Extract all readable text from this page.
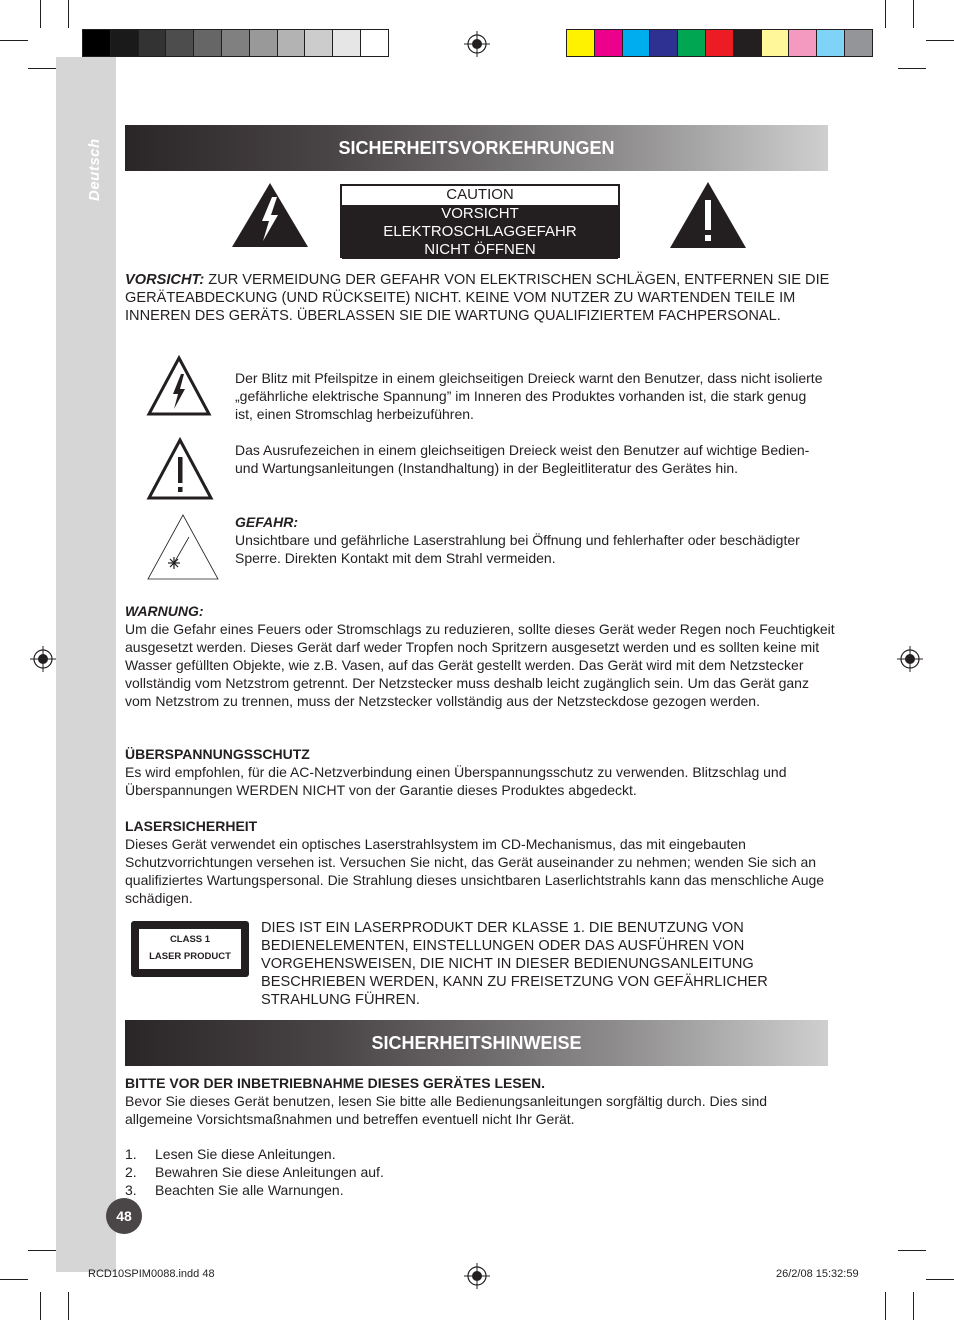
Deutsch	SICHERHEITSVORKEHRUNGEN
CAUTION
VORSICHT
ELEKTROSCHLAGGEFAHR
NICHT ÖFFNEN
VORSICHT: ZUR VERMEIDUNG DER GEFAHR VON ELEKTRISCHEN SCHLÄGEN, ENTFERNEN SIE DIE GERÄTEABDECKUNG (UND RÜCKSEITE) NICHT. KEINE VOM NUTZER ZU WARTENDEN TEILE IM INNEREN DES GERÄTS. ÜBERLASSEN SIE DIE WARTUNG QUALIFIZIERTEM FACHPERSONAL.
Der Blitz mit Pfeilspitze in einem gleichseitigen Dreieck warnt den Benutzer, dass nicht isolierte „gefährliche elektrische Spannung” im Inneren des Produktes vorhanden ist, die stark genug ist, einen Stromschlag herbeizuführen.
Das Ausrufezeichen in einem gleichseitigen Dreieck weist den Benutzer auf wichtige Bedien- und Wartungsanleitungen (Instandhaltung) in der Begleitliteratur des Gerätes hin.
GEFAHR:
Unsichtbare und gefährliche Laserstrahlung bei Öffnung und fehlerhafter oder beschädigter Sperre. Direkten Kontakt mit dem Strahl vermeiden.
WARNUNG:
Um die Gefahr eines Feuers oder Stromschlags zu reduzieren, sollte dieses Gerät weder Regen noch Feuchtigkeit ausgesetzt werden. Dieses Gerät darf weder Tropfen noch Spritzern ausgesetzt werden und es sollten keine mit Wasser gefüllten Objekte, wie z.B. Vasen, auf das Gerät gestellt werden. Das Gerät wird mit dem Netzstecker vollständig vom Netzstrom getrennt. Der Netzstecker muss deshalb leicht zugänglich sein. Um das Gerät ganz vom Netzstrom zu trennen, muss der Netzstecker vollständig aus der Netzsteckdose gezogen werden.
ÜBERSPANNUNGSSCHUTZ
Es wird empfohlen, für die AC-Netzverbindung einen Überspannungsschutz zu verwenden. Blitzschlag und Überspannungen WERDEN NICHT von der Garantie dieses Produktes abgedeckt.
LASERSICHERHEIT
Dieses Gerät verwendet ein optisches Laserstrahlsystem im CD-Mechanismus, das mit eingebauten Schutzvorrichtungen versehen ist. Versuchen Sie nicht, das Gerät auseinander zu nehmen; wenden Sie sich an qualifiziertes Wartungspersonal. Die Strahlung dieses unsichtbaren Laserlichtstrahls kann das menschliche Auge schädigen.
CLASS 1
LASER PRODUCT
DIES IST EIN LASERPRODUKT DER KLASSE 1. DIE BENUTZUNG VON BEDIENELEMENTEN, EINSTELLUNGEN ODER DAS AUSFÜHREN VON VORGEHENSWEISEN, DIE NICHT IN DIESER BEDIENUNGSANLEITUNG BESCHRIEBEN WERDEN, KANN ZU FREISETZUNG VON GEFÄHRLICHER STRAHLUNG FÜHREN.
SICHERHEITSHINWEISE
BITTE VOR DER INBETRIEBNAHME DIESES GERÄTES LESEN.
Bevor Sie dieses Gerät benutzen, lesen Sie bitte alle Bedienungsanleitungen sorgfältig durch. Dies sind allgemeine Vorsichtsmaßnahmen und betreffen eventuell nicht Ihr Gerät.
1.	Lesen Sie diese Anleitungen.
2.	Bewahren Sie diese Anleitungen auf.
3.	Beachten Sie alle Warnungen.
48
RCD10SPIM0088.indd 48	26/2/08 15:32:59
